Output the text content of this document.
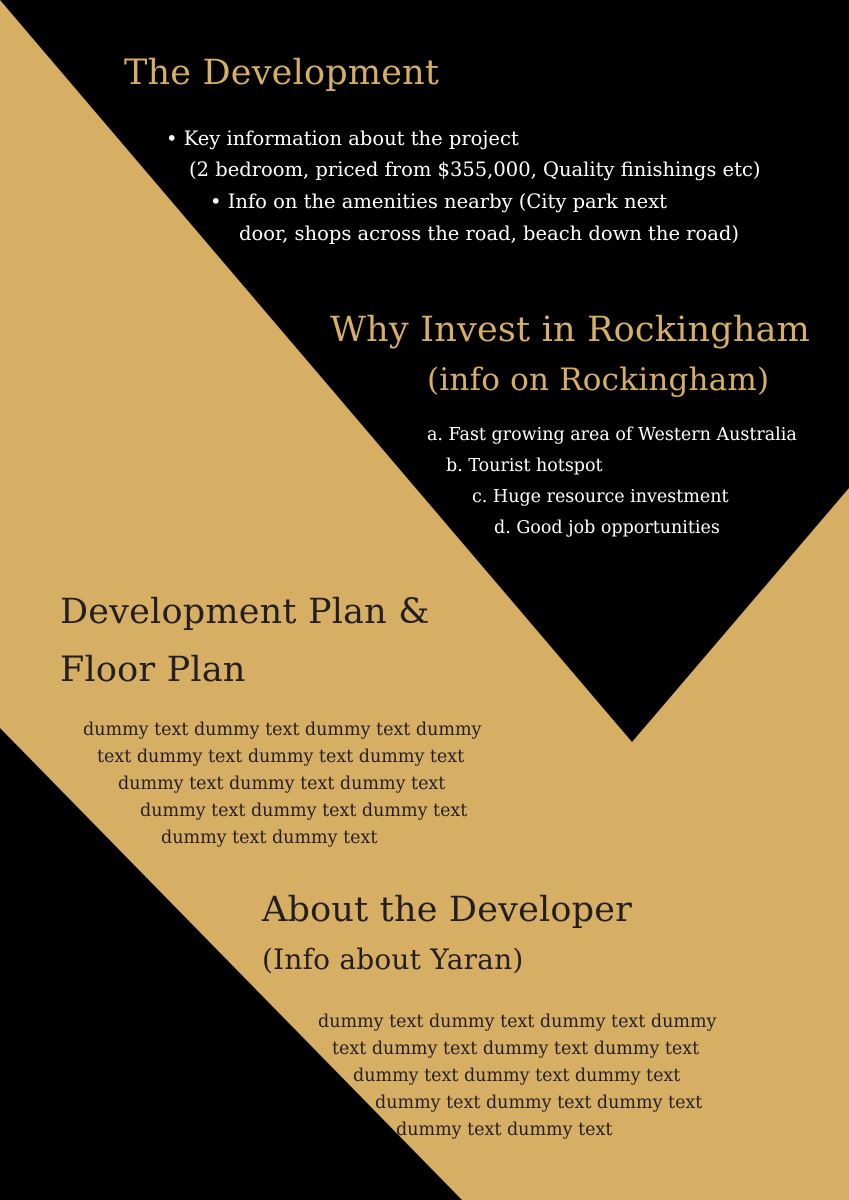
The Development
• Key information about the project
(2 bedroom, priced from $355,000, Quality finishings etc)
• Info on the amenities nearby (City park next
door, shops across the road, beach down the road)
Why Invest in Rockingham
(info on Rockingham)
a. Fast growing area of Western Australia
b. Tourist hotspot
c. Huge resource investment
d. Good job opportunities
Development Plan &
Floor Plan
dummy text dummy text dummy text dummy
text dummy text dummy text dummy text
dummy text dummy text dummy text
dummy text dummy text dummy text
dummy text dummy text
About the Developer
(Info about Yaran)
dummy text dummy text dummy text dummy
text dummy text dummy text dummy text
dummy text dummy text dummy text
dummy text dummy text dummy text
dummy text dummy text
